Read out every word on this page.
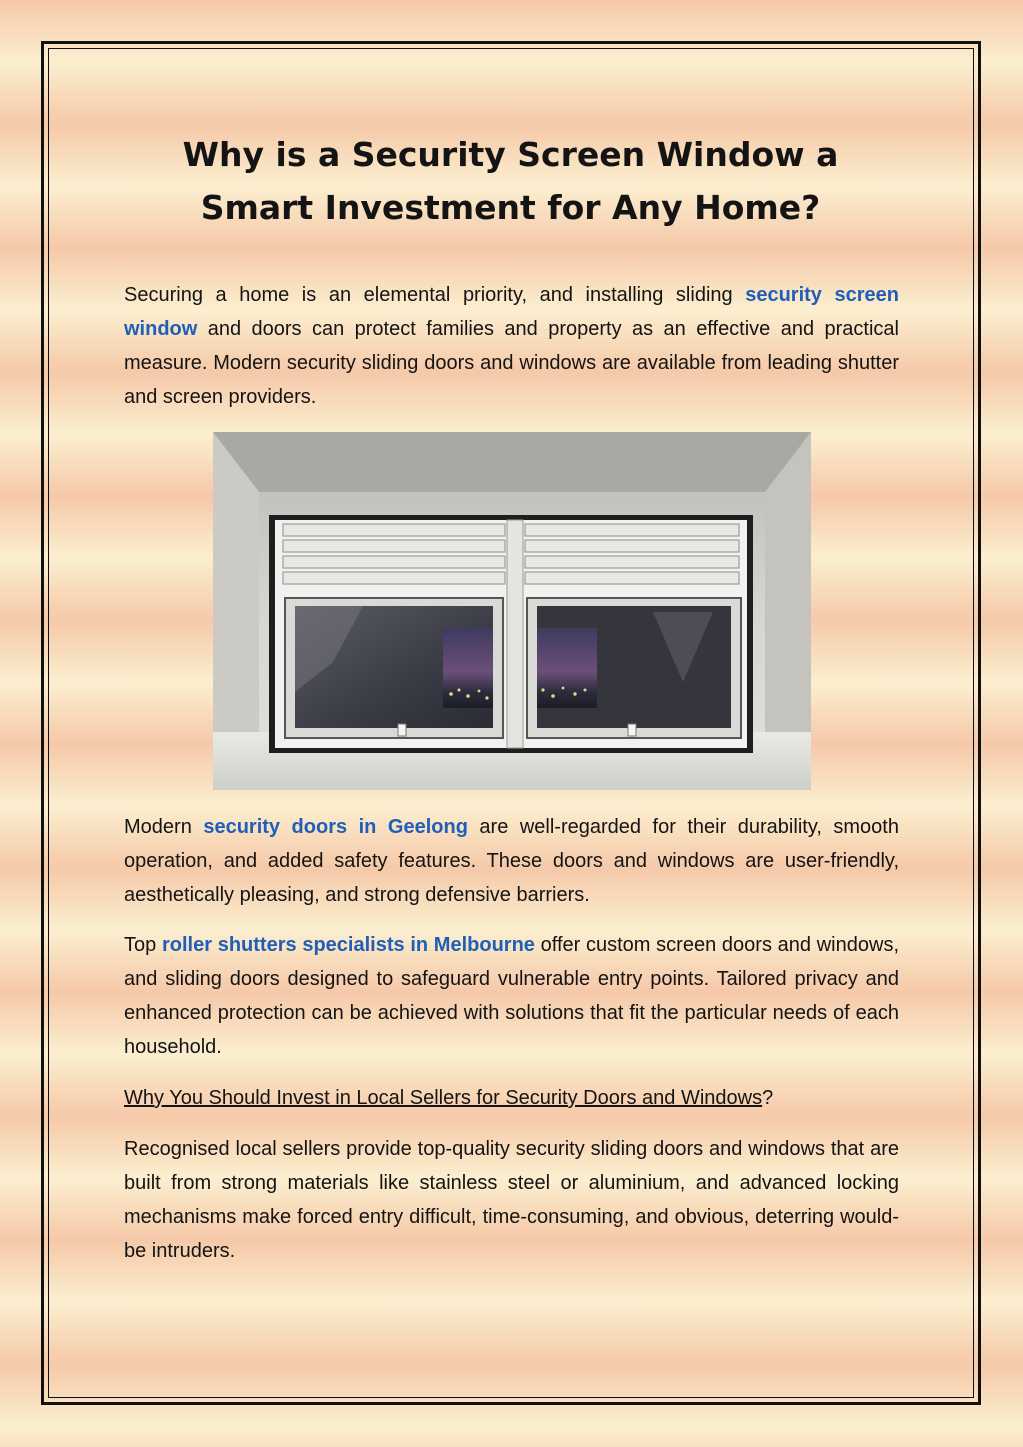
Why is a Security Screen Window a Smart Investment for Any Home?

Securing a home is an elemental priority, and installing sliding security screen window and doors can protect families and property as an effective and practical measure. Modern security sliding doors and windows are available from leading shutter and screen providers.

Modern security doors in Geelong are well-regarded for their durability, smooth operation, and added safety features. These doors and windows are user-friendly, aesthetically pleasing, and strong defensive barriers.

Top roller shutters specialists in Melbourne offer custom screen doors and windows, and sliding doors designed to safeguard vulnerable entry points. Tailored privacy and enhanced protection can be achieved with solutions that fit the particular needs of each household.

Why You Should Invest in Local Sellers for Security Doors and Windows?

Recognised local sellers provide top-quality security sliding doors and windows that are built from strong materials like stainless steel or aluminium, and advanced locking mechanisms make forced entry difficult, time-consuming, and obvious, deterring would-be intruders.
